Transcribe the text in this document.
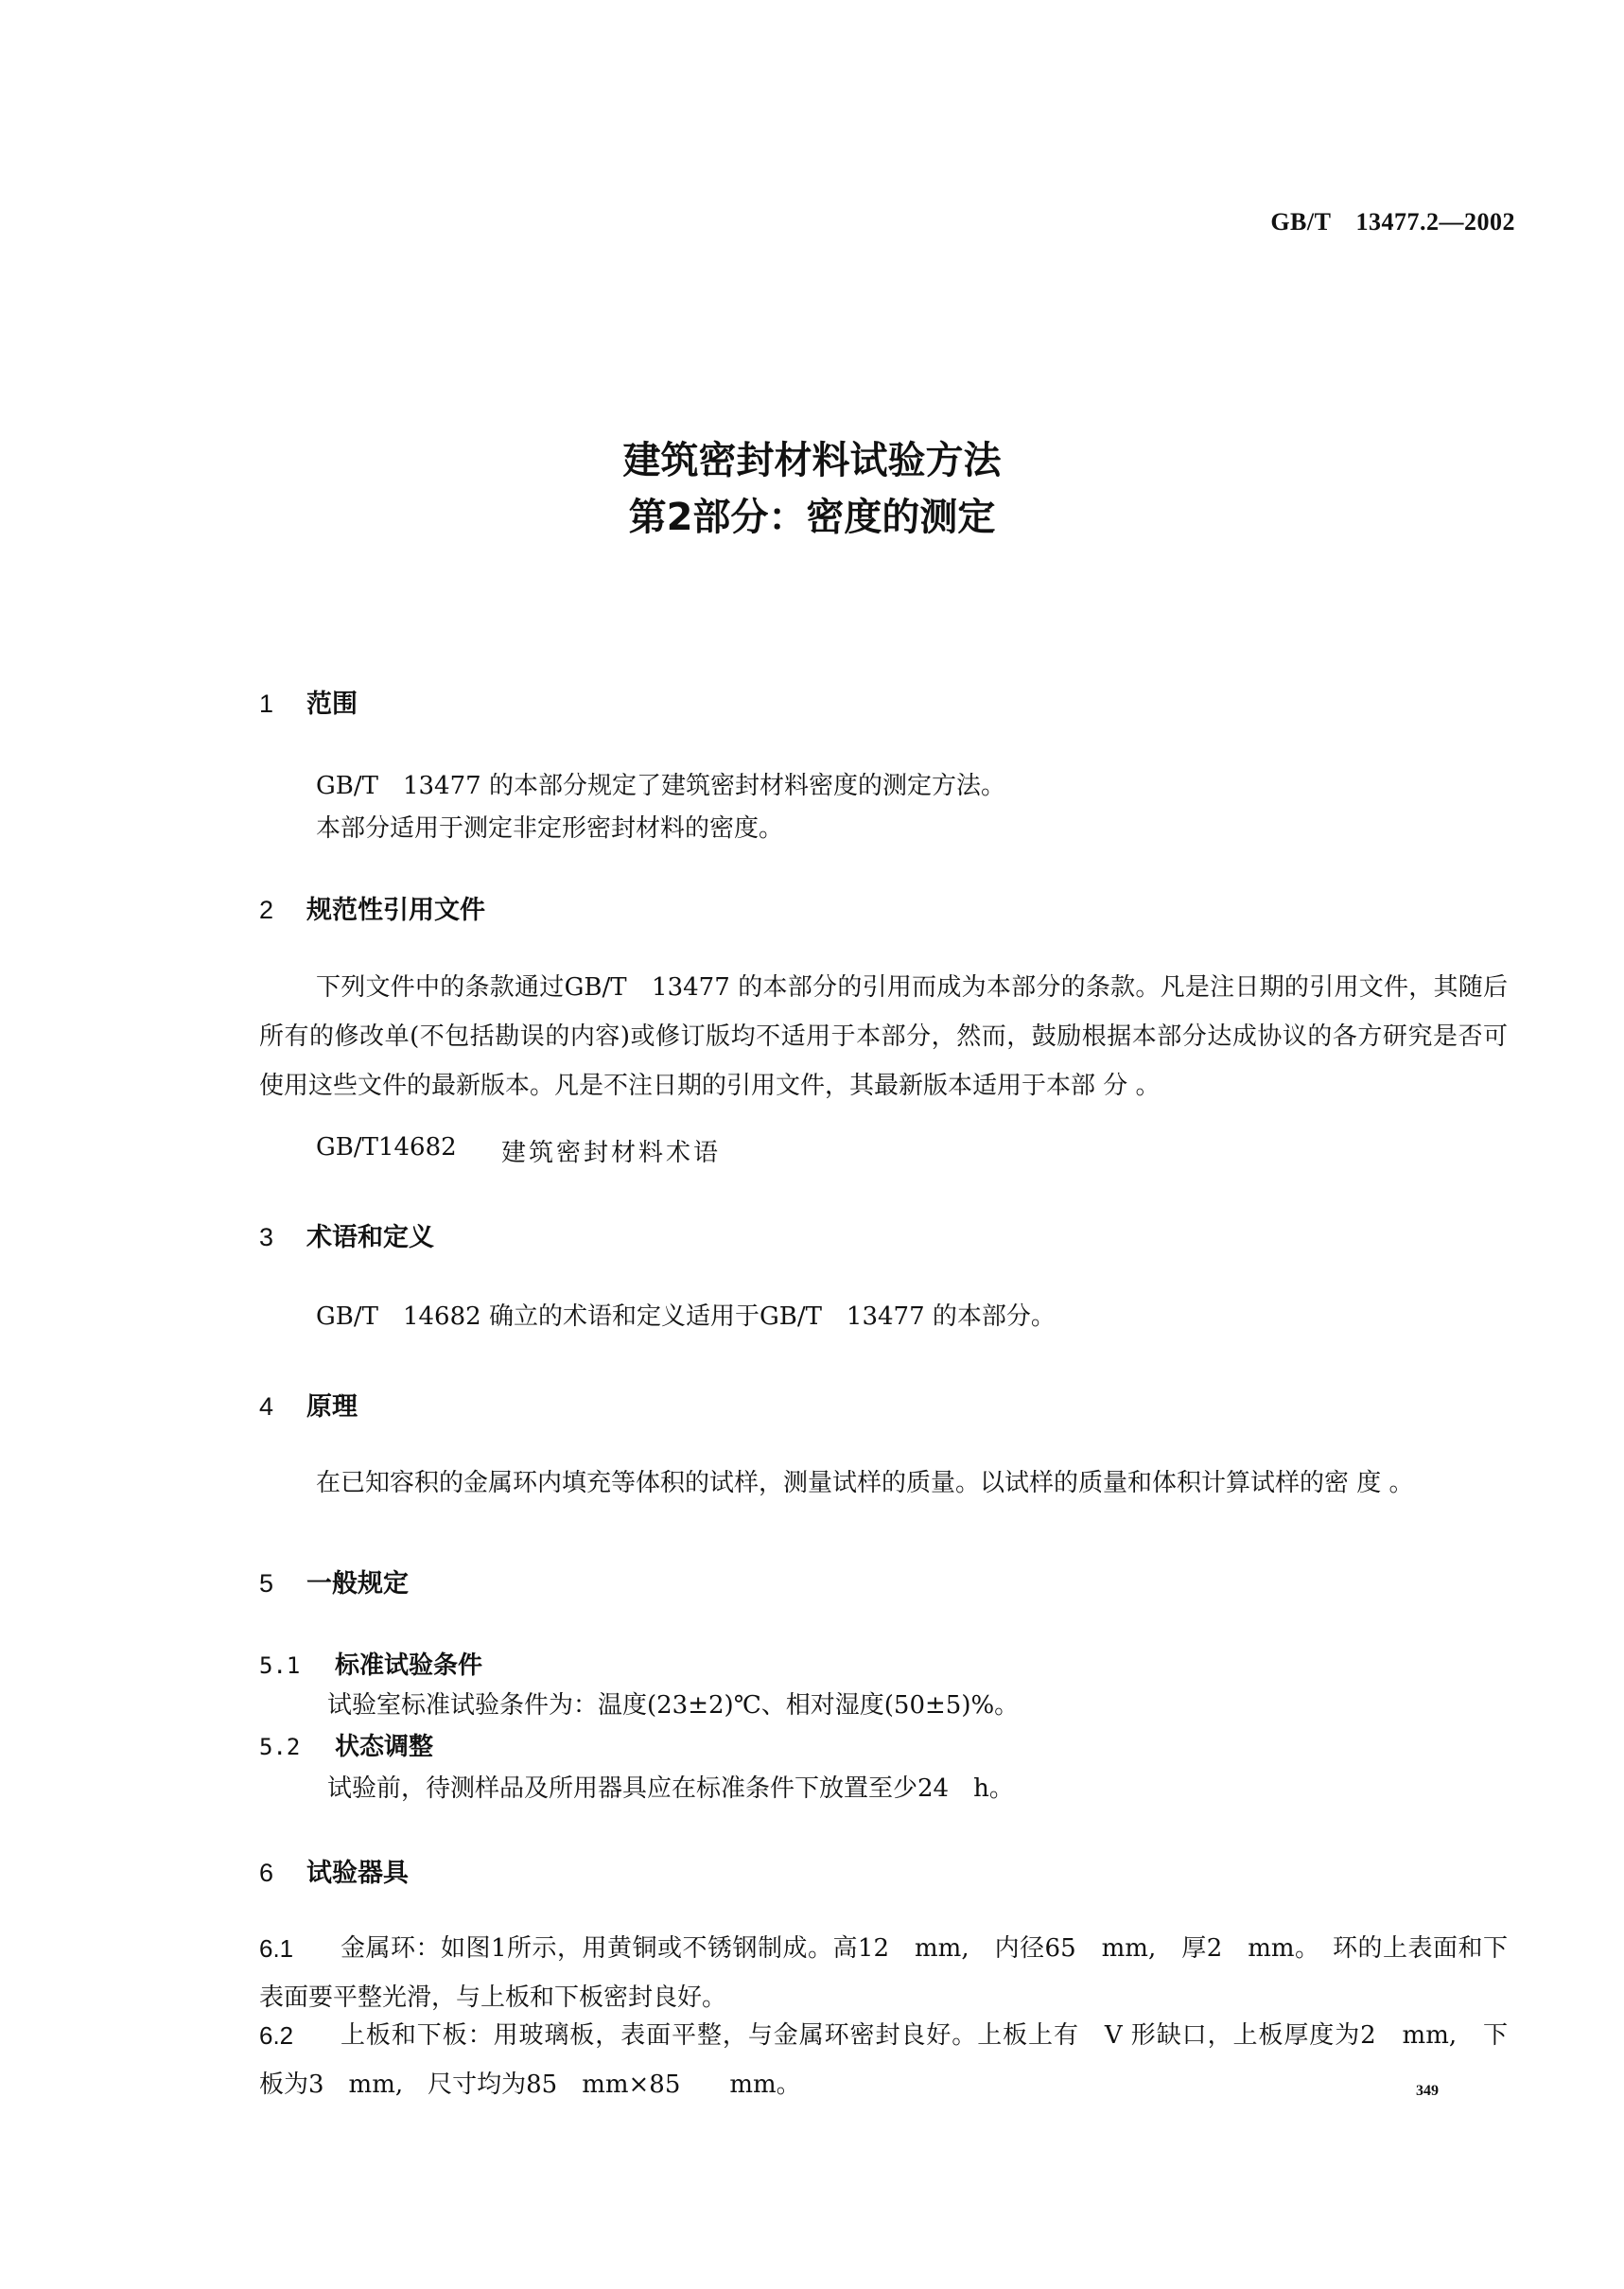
GB/T　13477.2—2002
建筑密封材料试验方法
第2部分：密度的测定
1 范围
GB/T　13477 的本部分规定了建筑密封材料密度的测定方法。
本部分适用于测定非定形密封材料的密度。
2 规范性引用文件
下列文件中的条款通过GB/T　13477 的本部分的引用而成为本部分的条款。凡是注日期的引用文件，其随后所有的修改单(不包括勘误的内容)或修订版均不适用于本部分，然而，鼓励根据本部分达成协议的各方研究是否可使用这些文件的最新版本。凡是不注日期的引用文件，其最新版本适用于本部 分 。
GB/T14682 建筑密封材料术语
3 术语和定义
GB/T　14682 确立的术语和定义适用于GB/T　13477 的本部分。
4 原理
在已知容积的金属环内填充等体积的试样，测量试样的质量。以试样的质量和体积计算试样的密 度 。
5 一般规定
5.1 标准试验条件
试验室标准试验条件为：温度(23±2)℃、相对湿度(50±5)%。
5.2 状态调整
试验前，待测样品及所用器具应在标准条件下放置至少24　h。
6 试验器具
6.1	金属环：如图1所示，用黄铜或不锈钢制成。高12　mm,　内径65　mm,　厚2　mm。　环的上表面和下表面要平整光滑，与上板和下板密封良好。
6.2	上板和下板：用玻璃板，表面平整，与金属环密封良好。上板上有　V 形缺口，上板厚度为2　mm,　下　板为3　mm,　尺寸均为85　mm×85　　mm。	349
